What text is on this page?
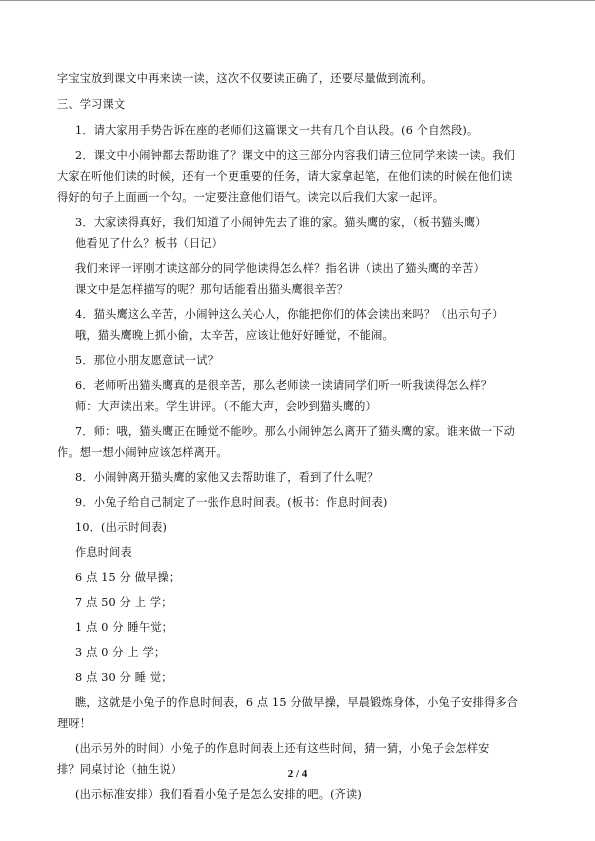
字宝宝放到课文中再来读一读，这次不仅要读正确了，还要尽量做到流利。
三、学习课文
1．请大家用手势告诉在座的老师们这篇课文一共有几个自认段。(6 个自然段)。
2．课文中小闹钟都去帮助谁了？课文中的这三部分内容我们请三位同学来读一读。我们
大家在听他们读的时候，还有一个更重要的任务，请大家拿起笔，在他们读的时候在他们读
得好的句子上面画一个勾。一定要注意他们语气。读完以后我们大家一起评。
3．大家读得真好，我们知道了小闹钟先去了谁的家。猫头鹰的家，（板书猫头鹰）
他看见了什么？板书（日记）
我们来评一评刚才读这部分的同学他读得怎么样？指名讲（读出了猫头鹰的辛苦）
课文中是怎样描写的呢？那句话能看出猫头鹰很辛苦？
4．猫头鹰这么辛苦，小闹钟这么关心人，你能把你们的体会读出来吗？（出示句子）
哦，猫头鹰晚上抓小偷，太辛苦，应该让他好好睡觉，不能闹。
5．那位小朋友愿意试一试？
6．老师听出猫头鹰真的是很辛苦，那么老师读一读请同学们听一听我读得怎么样？
师：大声读出来。学生讲评。（不能大声，会吵到猫头鹰的）
7．师：哦，猫头鹰正在睡觉不能吵。那么小闹钟怎么离开了猫头鹰的家。谁来做一下动
作。想一想小闹钟应该怎样离开。
8．小闹钟离开猫头鹰的家他又去帮助谁了，看到了什么呢？
9．小兔子给自己制定了一张作息时间表。(板书：作息时间表)
10．(出示时间表)
作息时间表
6 点 15 分 做早操；
7 点 50 分 上 学；
1 点 0 分 睡午觉；
3 点 0 分 上 学；
8 点 30 分 睡 觉；
瞧，这就是小兔子的作息时间表，6 点 15 分做早操，早晨锻炼身体，小兔子安排得多合
理呀！
(出示另外的时间）小兔子的作息时间表上还有这些时间，猜一猜，小兔子会怎样安
排？同桌讨论（抽生说）
(出示标准安排）我们看看小兔子是怎么安排的吧。(齐读)
2 / 4
